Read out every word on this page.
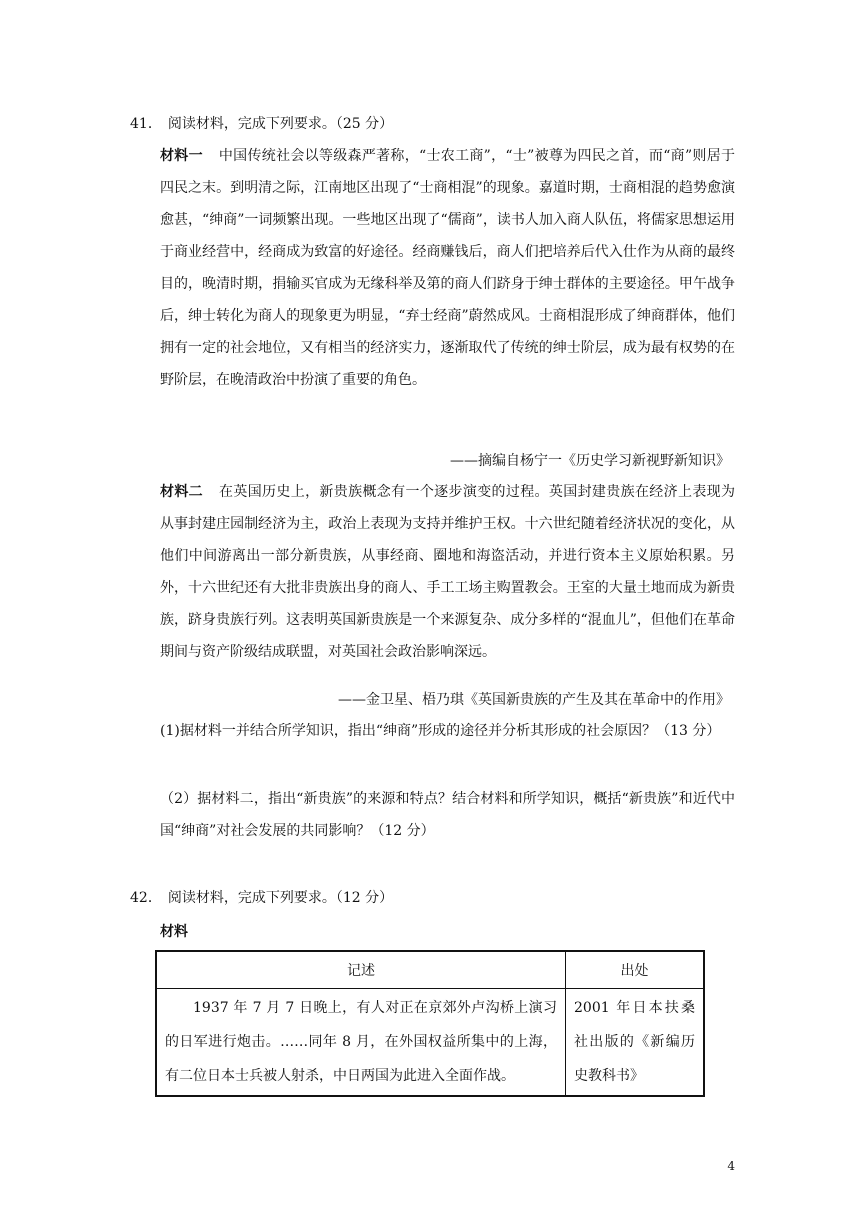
41． 阅读材料，完成下列要求。（25 分）

材料一 中国传统社会以等级森严著称，“士农工商”，“士”被尊为四民之首，而“商”则居于四民之末。到明清之际，江南地区出现了“士商相混”的现象。嘉道时期，士商相混的趋势愈演愈甚，“绅商”一词频繁出现。一些地区出现了“儒商”，读书人加入商人队伍，将儒家思想运用于商业经营中，经商成为致富的好途径。经商赚钱后，商人们把培养后代入仕作为从商的最终目的，晚清时期，捐输买官成为无缘科举及第的商人们跻身于绅士群体的主要途径。甲午战争后，绅士转化为商人的现象更为明显，“弃士经商”蔚然成风。士商相混形成了绅商群体，他们拥有一定的社会地位，又有相当的经济实力，逐渐取代了传统的绅士阶层，成为最有权势的在野阶层，在晚清政治中扮演了重要的角色。

——摘编自杨宁一《历史学习新视野新知识》

材料二 在英国历史上，新贵族概念有一个逐步演变的过程。英国封建贵族在经济上表现为从事封建庄园制经济为主，政治上表现为支持并维护王权。十六世纪随着经济状况的变化，从他们中间游离出一部分新贵族，从事经商、圈地和海盗活动，并进行资本主义原始积累。另外，十六世纪还有大批非贵族出身的商人、手工工场主购置教会。王室的大量土地而成为新贵族，跻身贵族行列。这表明英国新贵族是一个来源复杂、成分多样的“混血儿”，但他们在革命期间与资产阶级结成联盟，对英国社会政治影响深远。

——金卫星、梧乃琪《英国新贵族的产生及其在革命中的作用》
(1)据材料一并结合所学知识，指出“绅商”形成的途径并分析其形成的社会原因？（13 分）
（2）据材料二，指出“新贵族”的来源和特点？结合材料和所学知识，概括“新贵族”和近代中国“绅商”对社会发展的共同影响？（12 分）
42． 阅读材料，完成下列要求。（12 分）
材料
记述	出处
1937 年 7 月 7 日晚上，有人对正在京郊外卢沟桥上演习的日军进行炮击。……同年 8 月，在外国权益所集中的上海，有二位日本士兵被人射杀，中日两国为此进入全面作战。	2001 年日本扶桑社出版的《新编历史教科书》
4
